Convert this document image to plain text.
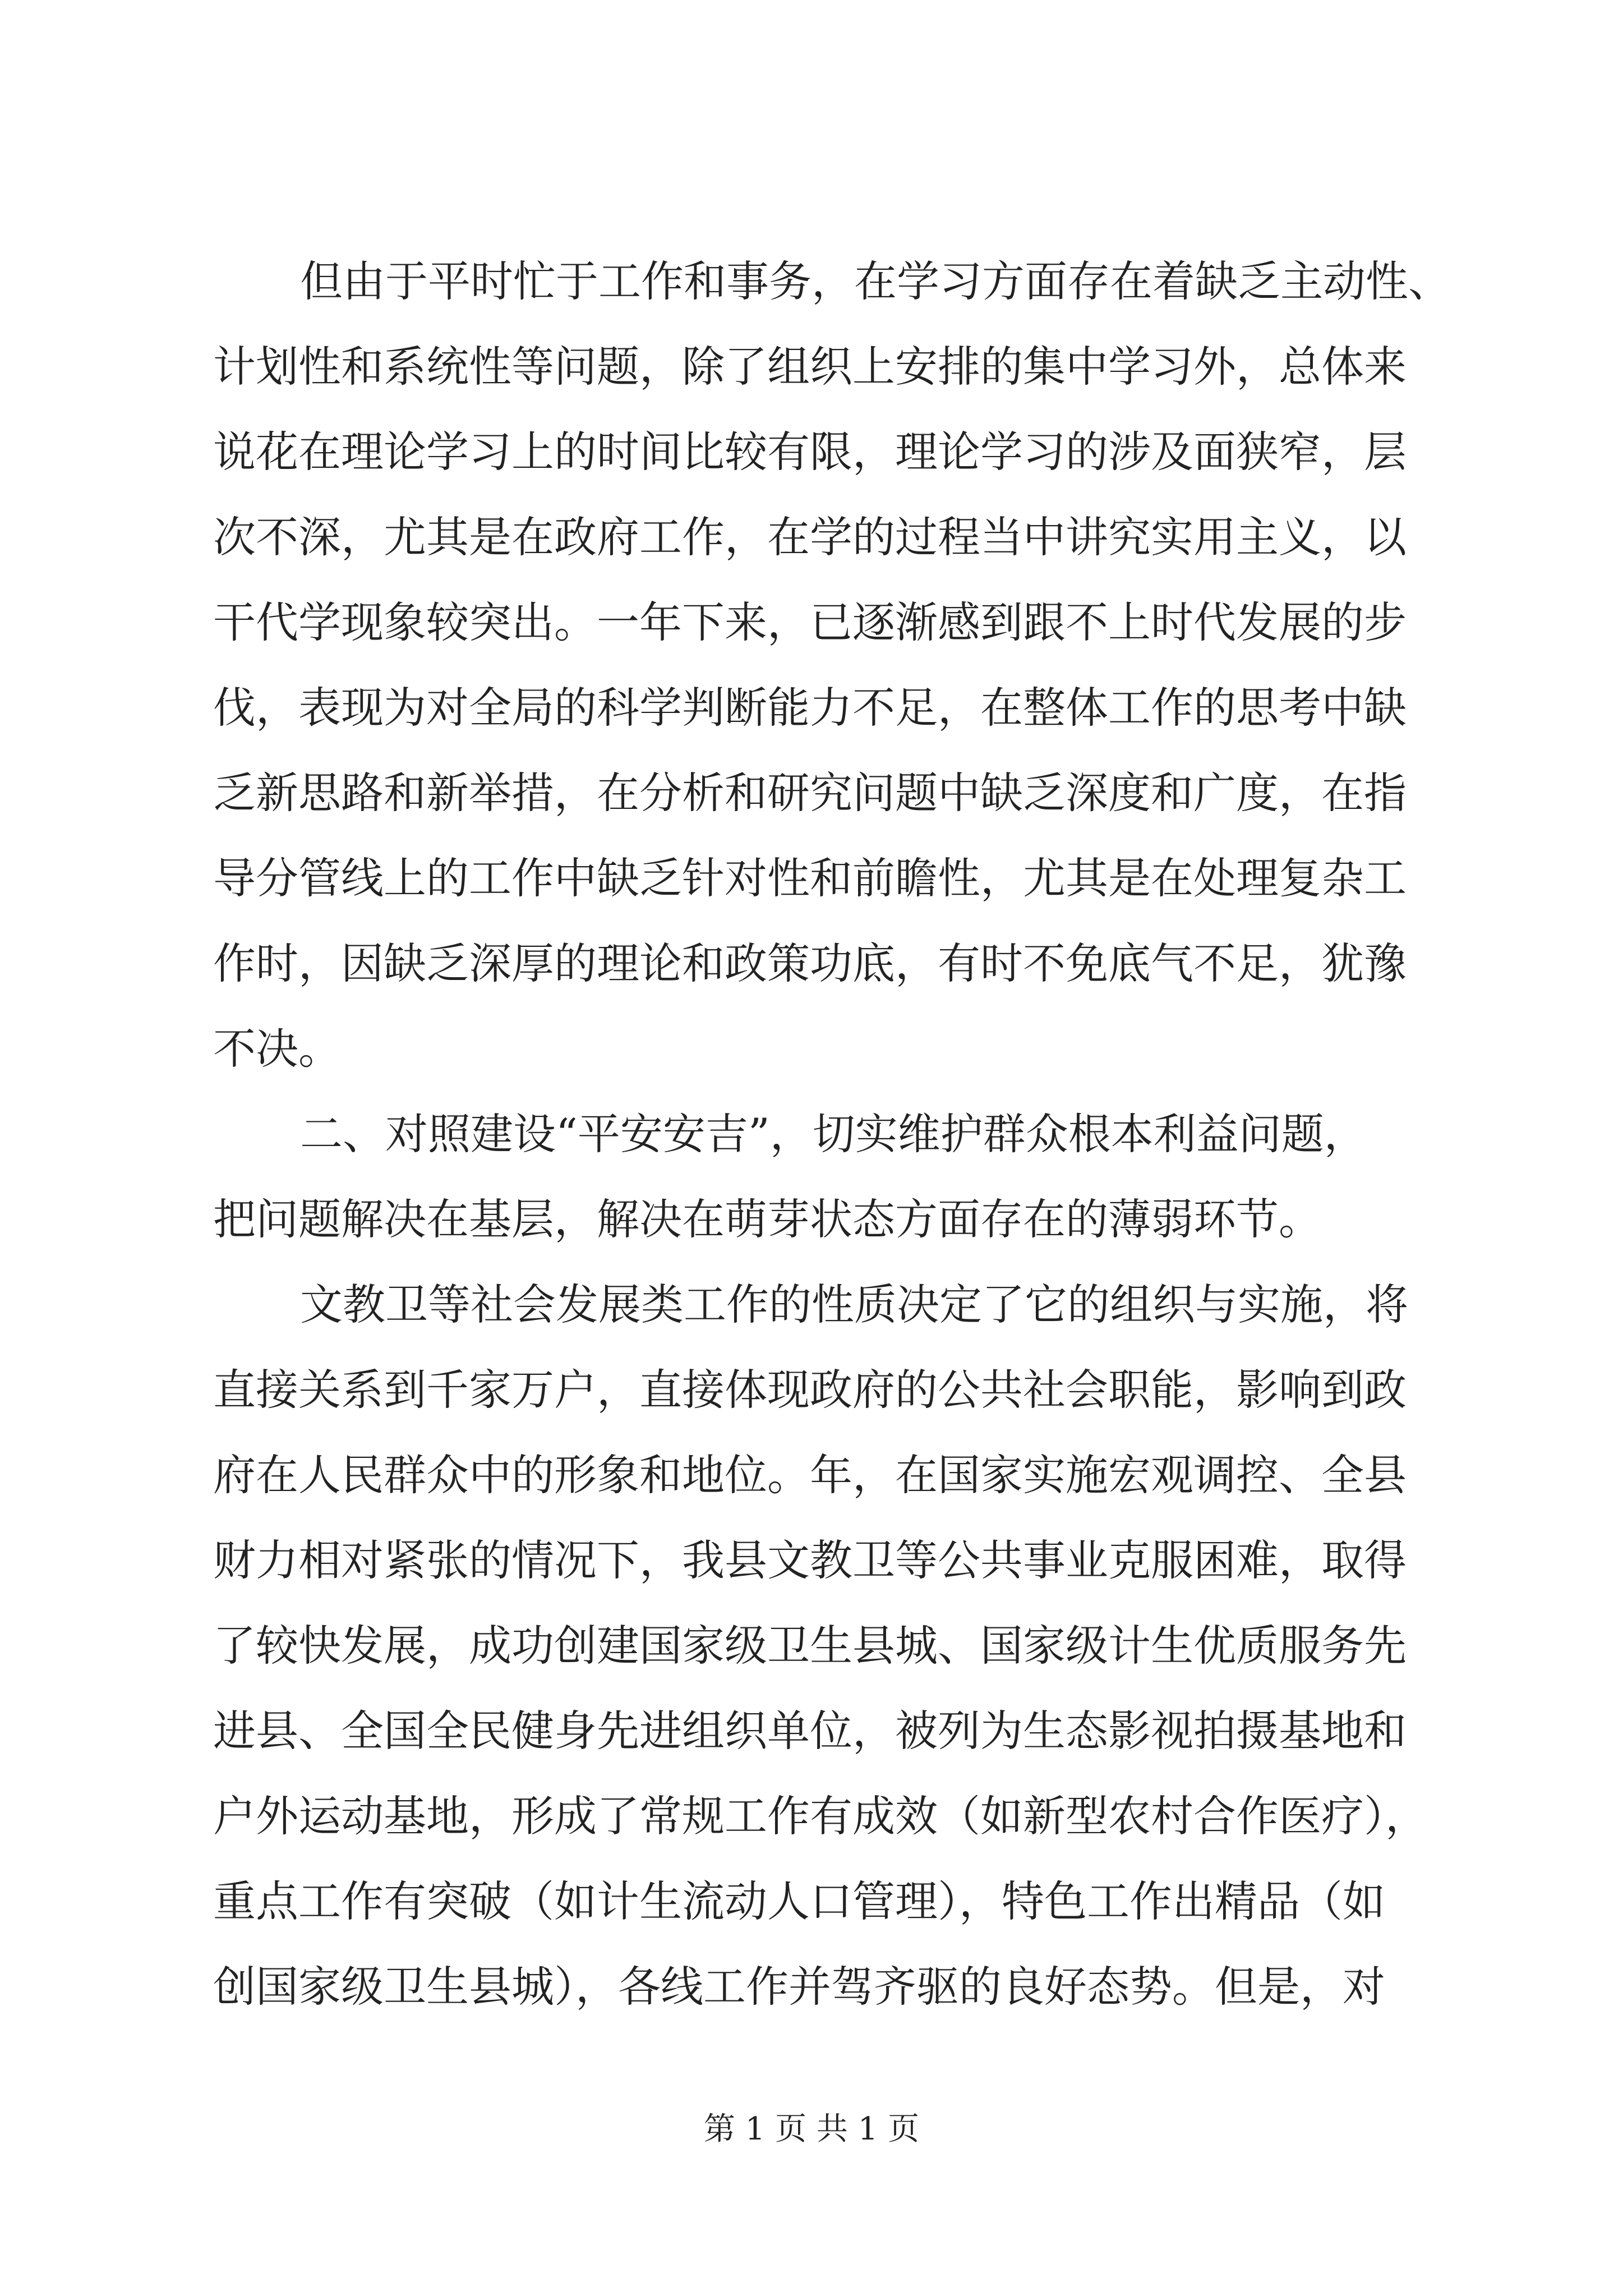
但由于平时忙于工作和事务，在学习方面存在着缺乏主动性、
计划性和系统性等问题，除了组织上安排的集中学习外，总体来
说花在理论学习上的时间比较有限，理论学习的涉及面狭窄，层
次不深，尤其是在政府工作，在学的过程当中讲究实用主义，以
干代学现象较突出。一年下来，已逐渐感到跟不上时代发展的步
伐，表现为对全局的科学判断能力不足，在整体工作的思考中缺
乏新思路和新举措，在分析和研究问题中缺乏深度和广度，在指
导分管线上的工作中缺乏针对性和前瞻性，尤其是在处理复杂工
作时，因缺乏深厚的理论和政策功底，有时不免底气不足，犹豫
不决。
二、对照建设“平安安吉”，切实维护群众根本利益问题，
把问题解决在基层，解决在萌芽状态方面存在的薄弱环节。
文教卫等社会发展类工作的性质决定了它的组织与实施，将
直接关系到千家万户，直接体现政府的公共社会职能，影响到政
府在人民群众中的形象和地位。年，在国家实施宏观调控、全县
财力相对紧张的情况下，我县文教卫等公共事业克服困难，取得
了较快发展，成功创建国家级卫生县城、国家级计生优质服务先
进县、全国全民健身先进组织单位，被列为生态影视拍摄基地和
户外运动基地，形成了常规工作有成效（如新型农村合作医疗），
重点工作有突破（如计生流动人口管理），特色工作出精品（如
创国家级卫生县城），各线工作并驾齐驱的良好态势。但是，对
第 1 页 共 1 页
